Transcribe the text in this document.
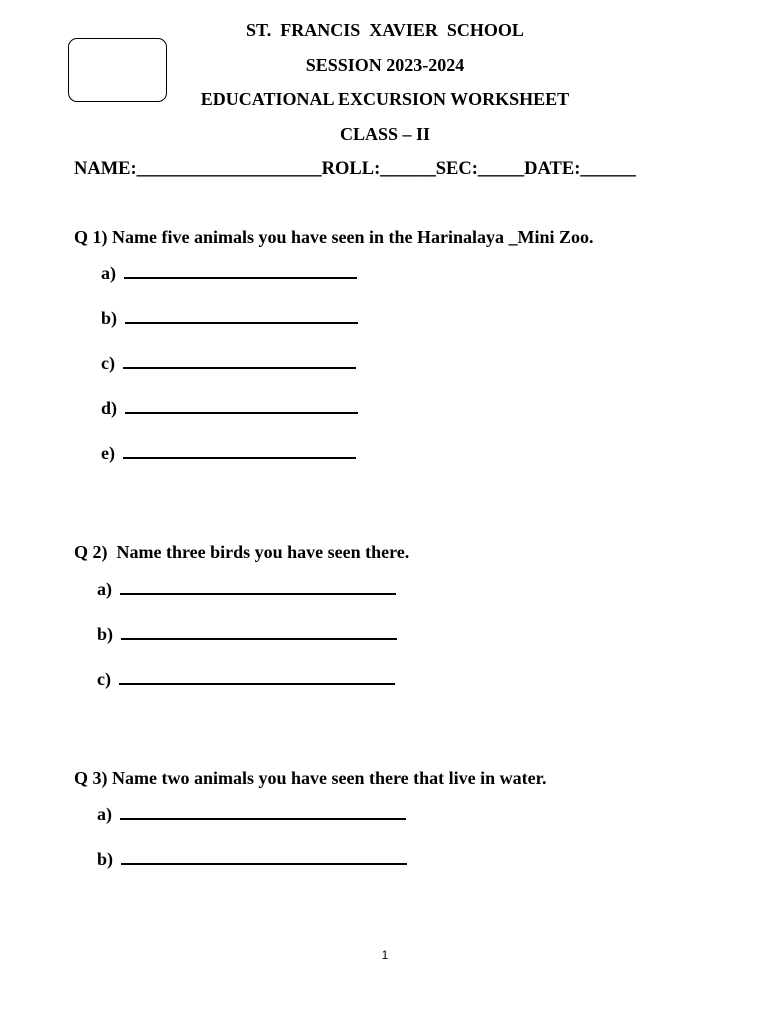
ST.  FRANCIS  XAVIER  SCHOOL
SESSION 2023-2024
EDUCATIONAL EXCURSION WORKSHEET
CLASS – II
NAME:____________________ROLL:______SEC:_____DATE:______
Q 1) Name five animals you have seen in the Harinalaya _Mini Zoo.
a)
b)
c)
d)
e)
Q 2)  Name three birds you have seen there.
a)
b)
c)
Q 3) Name two animals you have seen there that live in water.
a)
b)
1
